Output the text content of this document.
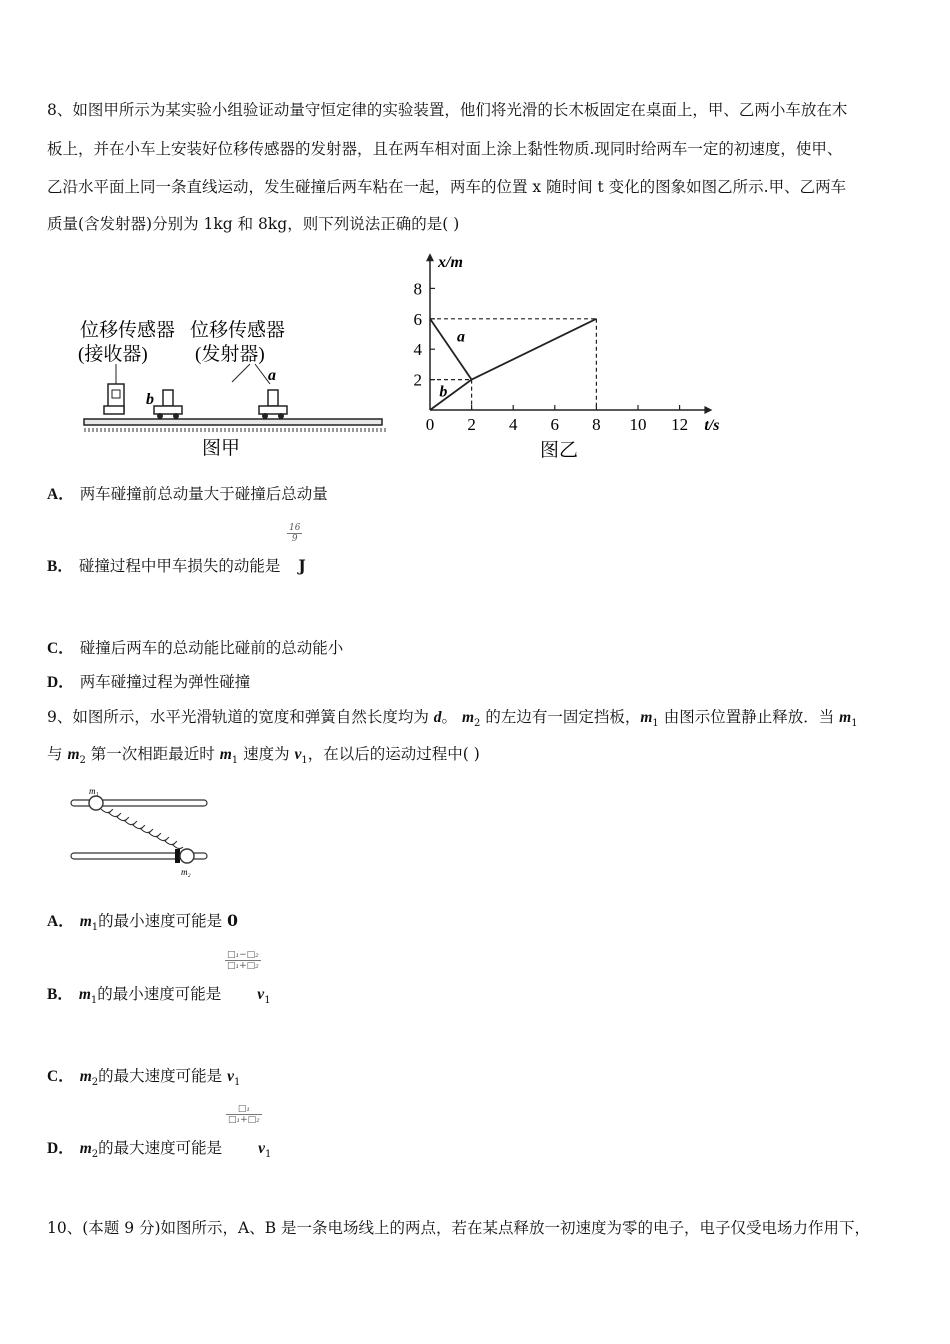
8、如图甲所示为某实验小组验证动量守恒定律的实验装置，他们将光滑的长木板固定在桌面上，甲、乙两小车放在木
板上，并在小车上安装好位移传感器的发射器，且在两车相对面上涂上黏性物质.现同时给两车一定的初速度，使甲、
乙沿水平面上同一条直线运动，发生碰撞后两车粘在一起，两车的位置 x 随时间 t 变化的图象如图乙所示.甲、乙两车
质量(含发射器)分别为 1kg 和 8kg，则下列说法正确的是( )
位移传感器
(接收器)
位移传感器
(发射器)
b
a
图甲
x/m
t/s
0 2 4 6 8 10 12
2
4
6
8
a
b
图乙
A． 两车碰撞前总动量大于碰撞后总动量
$\frac{16}{9}$
B． 碰撞过程中甲车损失的动能是 J
C． 碰撞后两车的总动能比碰前的总动能小
D． 两车碰撞过程为弹性碰撞
9、如图所示，水平光滑轨道的宽度和弹簧自然长度均为 d。 $m_2$ 的左边有一固定挡板，$m_1$ 由图示位置静止释放．当 $m_1$
与 $m_2$ 第一次相距最近时 $m_1$ 速度为 $v_1$，在以后的运动过程中( )
m₁
m₂
A． $m_1$的最小速度可能是 0
□₁−□₂
□₁+□₂
B． $m_1$的最小速度可能是 $v_1$
C． $m_2$的最大速度可能是 $v_1$
□₁
□₁+□₂
D． $m_2$的最大速度可能是 $v_1$
10、(本题 9 分)如图所示，A、B 是一条电场线上的两点，若在某点释放一初速度为零的电子，电子仅受电场力作用下，
